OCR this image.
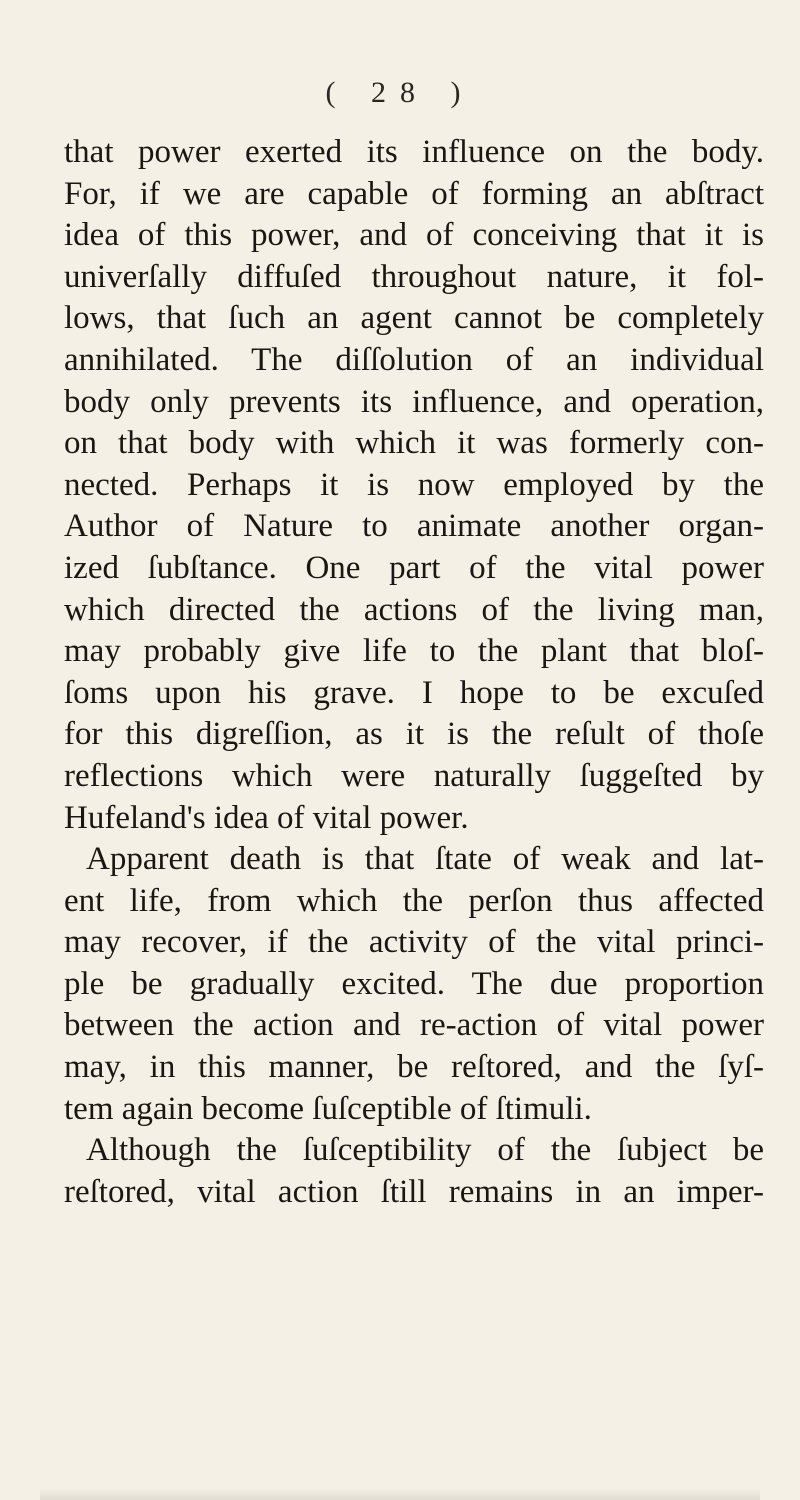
( 28 )
that power exerted its influence on the body.
For, if we are capable of forming an abſtract
idea of this power, and of conceiving that it is
univerſally diffuſed throughout nature, it fol-
lows, that ſuch an agent cannot be completely
annihilated. The diſſolution of an individual
body only prevents its influence, and operation,
on that body with which it was formerly con-
nected. Perhaps it is now employed by the
Author of Nature to animate another organ-
ized ſubſtance. One part of the vital power
which directed the actions of the living man,
may probably give life to the plant that bloſ-
ſoms upon his grave. I hope to be excuſed
for this digreſſion, as it is the reſult of thoſe
reflections which were naturally ſuggeſted by
Hufeland's idea of vital power.
Apparent death is that ſtate of weak and lat-
ent life, from which the perſon thus affected
may recover, if the activity of the vital princi-
ple be gradually excited. The due proportion
between the action and re-action of vital power
may, in this manner, be reſtored, and the ſyſ-
tem again become ſuſceptible of ſtimuli.
Although the ſuſceptibility of the ſubject be
reſtored, vital action ſtill remains in an imper-
